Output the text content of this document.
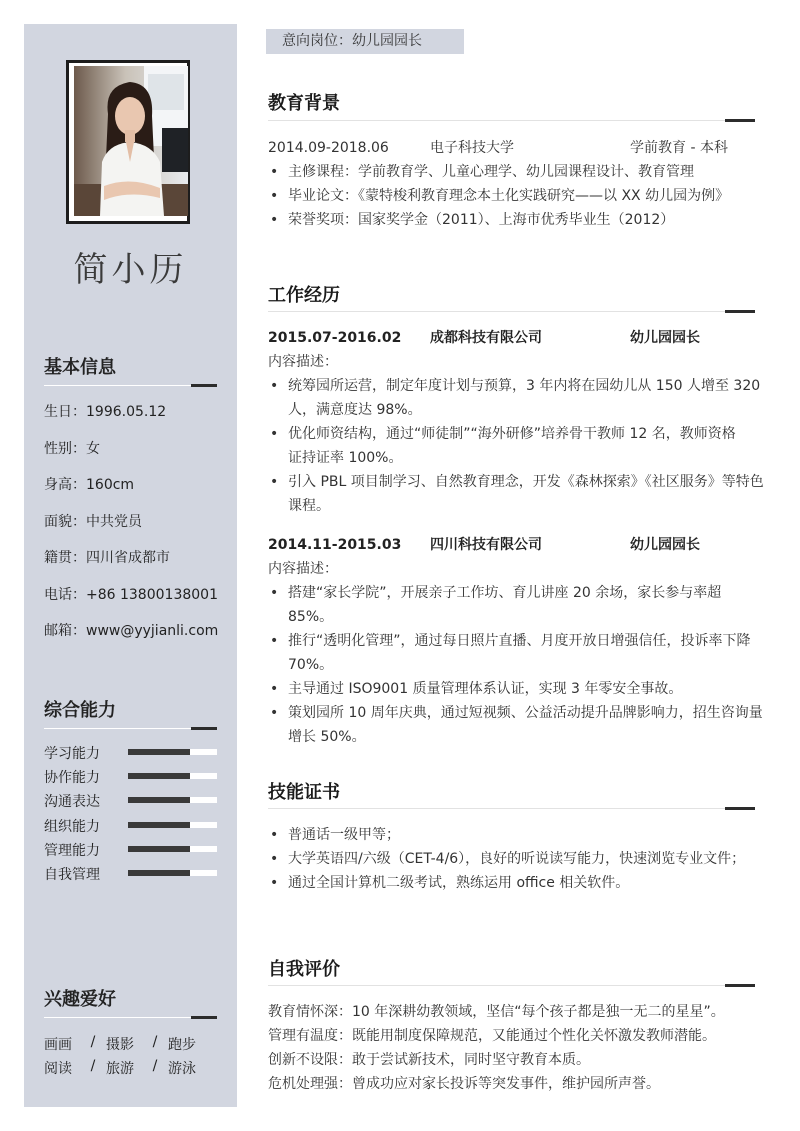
简小历
基本信息
生日：1996.05.12
性别：女
身高：160cm
面貌：中共党员
籍贯：四川省成都市
电话：+86 13800138001
邮箱：www@yyjianli.com
综合能力
学习能力
协作能力
沟通表达
组织能力
管理能力
自我管理
兴趣爱好
画画	/ 摄影	/ 跑步
阅读	/ 旅游	/ 游泳
意向岗位：幼儿园园长
教育背景
2014.09-2018.06	电子科技大学	学前教育 - 本科
• 主修课程：学前教育学、儿童心理学、幼儿园课程设计、教育管理
• 毕业论文：《蒙特梭利教育理念本土化实践研究——以 XX 幼儿园为例》
• 荣誉奖项：国家奖学金（2011）、上海市优秀毕业生（2012）
工作经历
2015.07-2016.02 成都科技有限公司	幼儿园园长
内容描述：
• 统筹园所运营，制定年度计划与预算，3 年内将在园幼儿从 150 人增至 320
人，满意度达 98%。
• 优化师资结构，通过“师徒制”“海外研修”培养骨干教师 12 名，教师资格
证持证率 100%。
• 引入 PBL 项目制学习、自然教育理念，开发《森林探索》《社区服务》等特色
课程。
2014.11-2015.03 四川科技有限公司	幼儿园园长
内容描述：
• 搭建“家长学院”，开展亲子工作坊、育儿讲座 20 余场，家长参与率超 85%。
• 推行“透明化管理”，通过每日照片直播、月度开放日增强信任，投诉率下降
70%。
• 主导通过 ISO9001 质量管理体系认证，实现 3 年零安全事故。
• 策划园所 10 周年庆典，通过短视频、公益活动提升品牌影响力，招生咨询量
增长 50%。
技能证书
• 普通话一级甲等；
• 大学英语四/六级（CET-4/6），良好的听说读写能力，快速浏览专业文件；
• 通过全国计算机二级考试，熟练运用 office 相关软件。
自我评价
教育情怀深：10 年深耕幼教领域，坚信“每个孩子都是独一无二的星星”。
管理有温度：既能用制度保障规范，又能通过个性化关怀激发教师潜能。
创新不设限：敢于尝试新技术，同时坚守教育本质。
危机处理强：曾成功应对家长投诉等突发事件，维护园所声誉。
